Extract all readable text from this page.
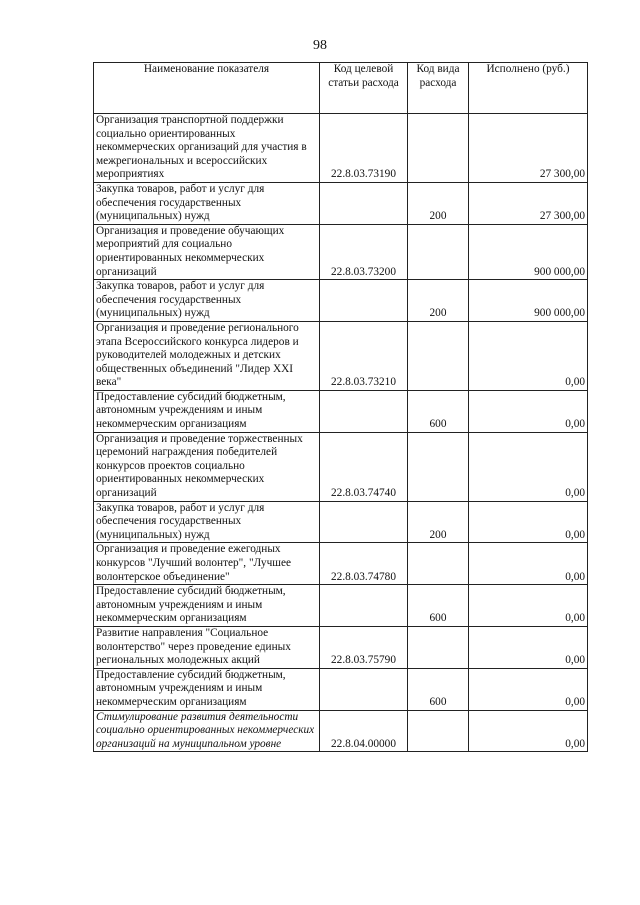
98
Наименование показателя	Код целевой статьи расхода	Код вида расхода	Исполнено (руб.)
Организация транспортной поддержки социально ориентированных некоммерческих организаций для участия в межрегиональных и всероссийских мероприятиях	22.8.03.73190		27 300,00
Закупка товаров, работ и услуг для обеспечения государственных (муниципальных) нужд		200	27 300,00
Организация и проведение обучающих мероприятий для социально ориентированных некоммерческих организаций	22.8.03.73200		900 000,00
Закупка товаров, работ и услуг для обеспечения государственных (муниципальных) нужд		200	900 000,00
Организация и проведение регионального этапа Всероссийского конкурса лидеров и руководителей молодежных и детских общественных объединений "Лидер XXI века"	22.8.03.73210		0,00
Предоставление субсидий бюджетным, автономным учреждениям и иным некоммерческим организациям		600	0,00
Организация и проведение торжественных церемоний награждения победителей конкурсов проектов социально ориентированных некоммерческих организаций	22.8.03.74740		0,00
Закупка товаров, работ и услуг для обеспечения государственных (муниципальных) нужд		200	0,00
Организация и проведение ежегодных конкурсов "Лучший волонтер", "Лучшее волонтерское объединение"	22.8.03.74780		0,00
Предоставление субсидий бюджетным, автономным учреждениям и иным некоммерческим организациям		600	0,00
Развитие направления "Социальное волонтерство" через проведение единых региональных молодежных акций	22.8.03.75790		0,00
Предоставление субсидий бюджетным, автономным учреждениям и иным некоммерческим организациям		600	0,00
Стимулирование развития деятельности социально ориентированных некоммерческих организаций на муниципальном уровне	22.8.04.00000		0,00
